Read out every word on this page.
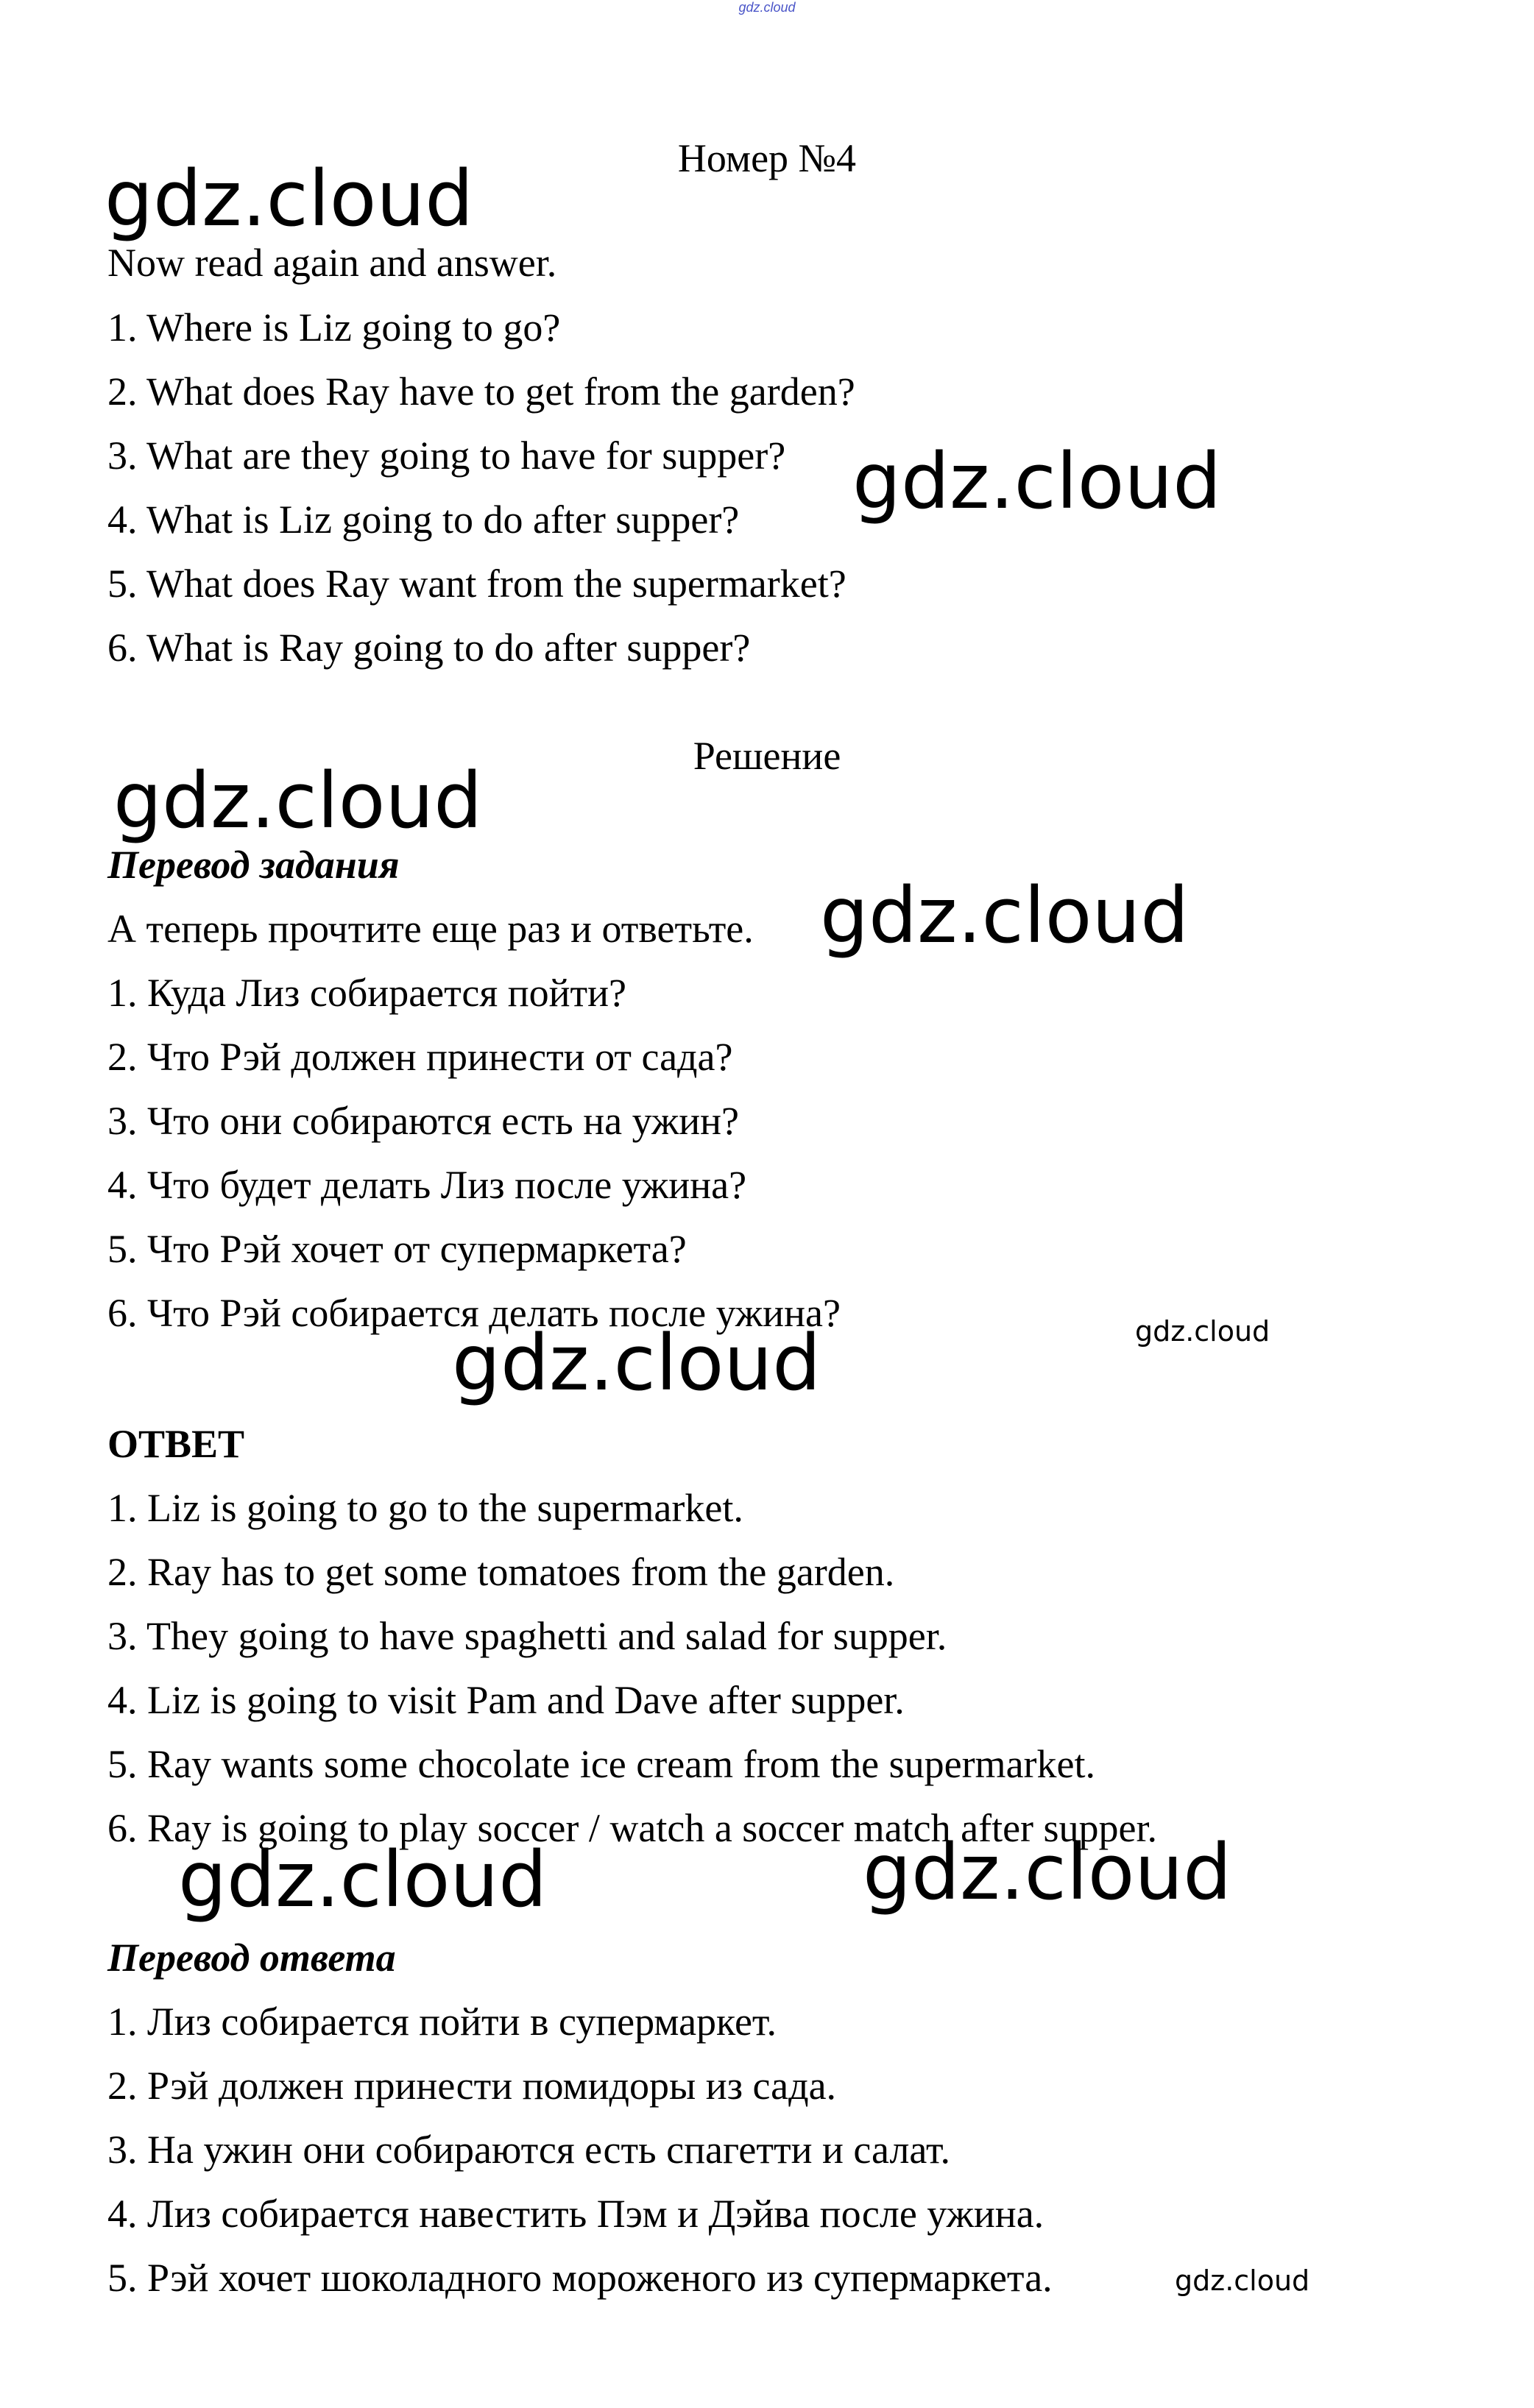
gdz.cloud
Номер №4
Now read again and answer.
1. Where is Liz going to go?
2. What does Ray have to get from the garden?
3. What are they going to have for supper?
4. What is Liz going to do after supper?
5. What does Ray want from the supermarket?
6. What is Ray going to do after supper?
Решение
Перевод задания
А теперь прочтите еще раз и ответьте.
1. Куда Лиз собирается пойти?
2. Что Рэй должен принести от сада?
3. Что они собираются есть на ужин?
4. Что будет делать Лиз после ужина?
5. Что Рэй хочет от супермаркета?
6. Что Рэй собирается делать после ужина?
ОТВЕТ
1. Liz is going to go to the supermarket.
2. Ray has to get some tomatoes from the garden.
3. They going to have spaghetti and salad for supper.
4. Liz is going to visit Pam and Dave after supper.
5. Ray wants some chocolate ice cream from the supermarket.
6. Ray is going to play soccer / watch a soccer match after supper.
Перевод ответа
1. Лиз собирается пойти в супермаркет.
2. Рэй должен принести помидоры из сада.
3. На ужин они собираются есть спагетти и салат.
4. Лиз собирается навестить Пэм и Дэйва после ужина.
5. Рэй хочет шоколадного мороженого из супермаркета.
gdz.cloud
gdz.cloud
gdz.cloud
gdz.cloud
gdz.cloud
gdz.cloud
gdz.cloud	gdz.cloud
gdz.cloud
